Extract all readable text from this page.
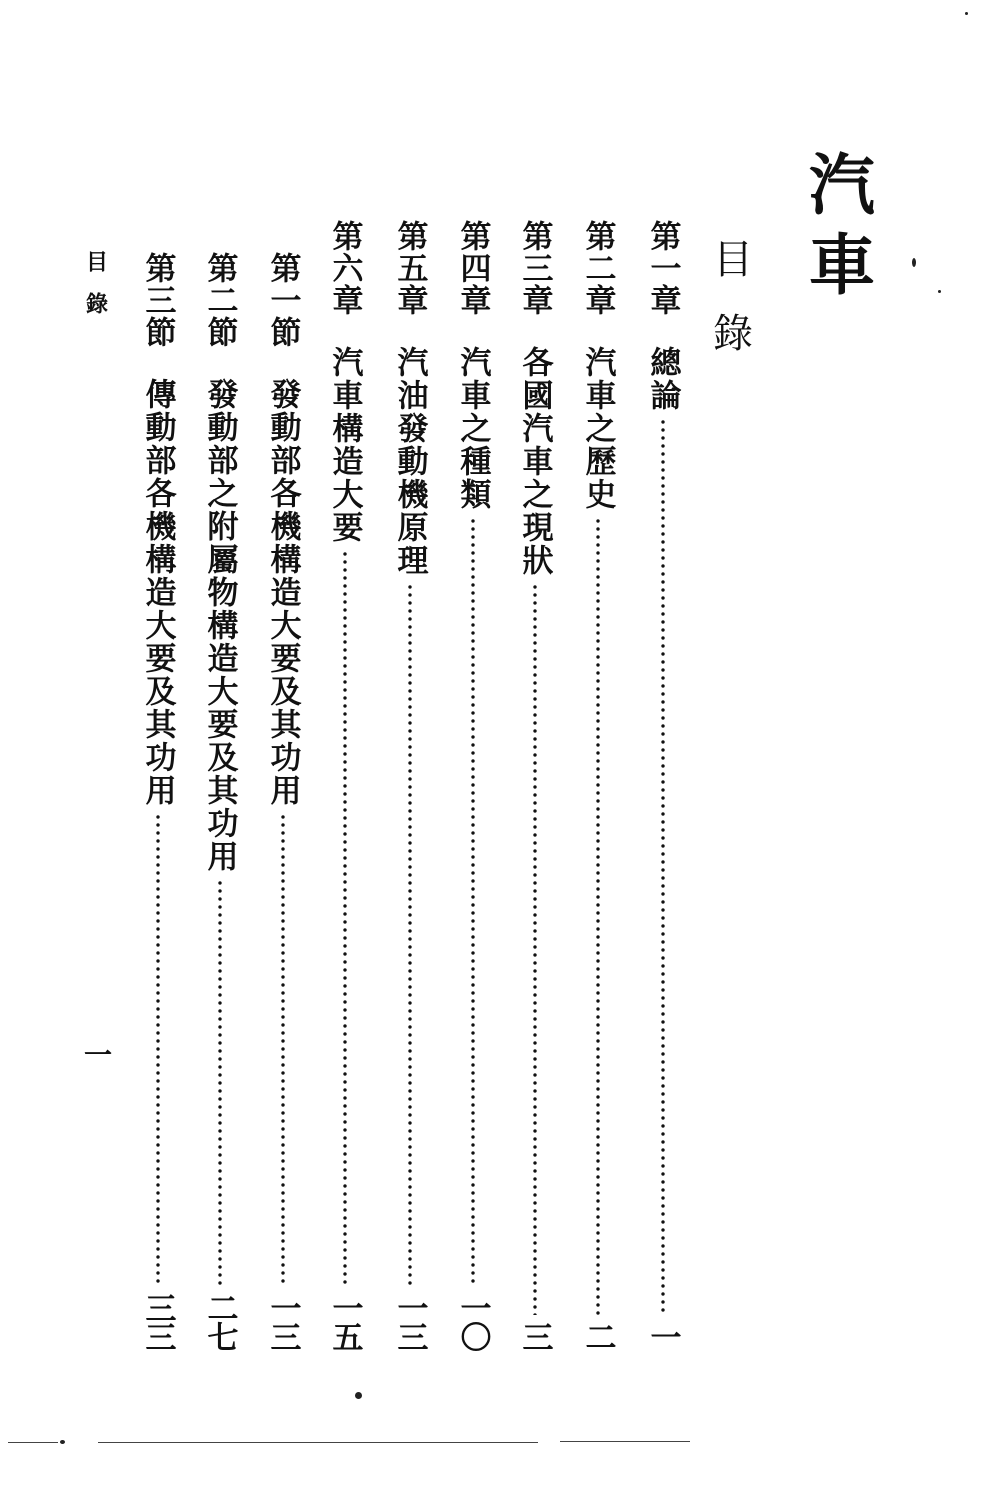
汽車
目錄
第一章
總論
一
第二章
汽車之歷史
二
第三章
各國汽車之現狀
三
第四章
汽車之種類
一〇
第五章
汽油發動機原理
一三
第六章
汽車構造大要
一五
第一節
發動部各機構造大要及其功用
一三
第二節
發動部之附屬物構造大要及其功用
二七
第三節
傳動部各機構造大要及其功用
三三
目錄
一
